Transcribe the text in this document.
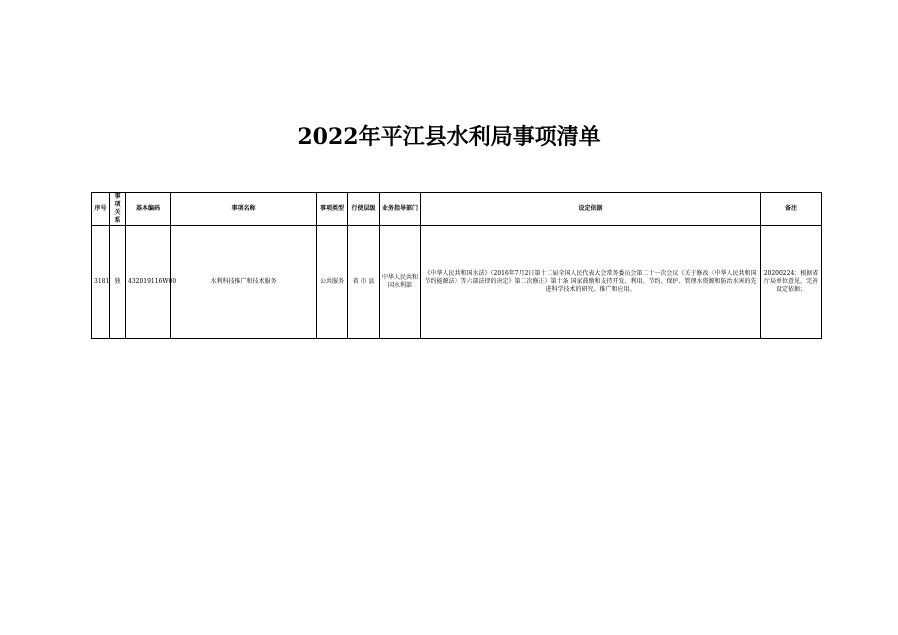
2022年平江县水利局事项清单
序号	事项关系	基本编码	事项名称	事项类型	行使层级	业务指导部门	设定依据	备注
3181	独	432019116W00	水利科技推广和技术服务	公共服务	省 市 县	中华人民共和国水利部	《中华人民共和国水法》（2016年7月2日第十二届全国人民代表大会常务委员会第二十一次会议《关于修改〈中华人民共和国节约能源法〉等六部法律的决定》第二次修正）第十条 国家鼓励和支持开发、利用、节约、保护、管理水资源和防治水害的先进科学技术的研究、推广和应用。	20200224：根据省厅局单位意见，完善设定依据；
